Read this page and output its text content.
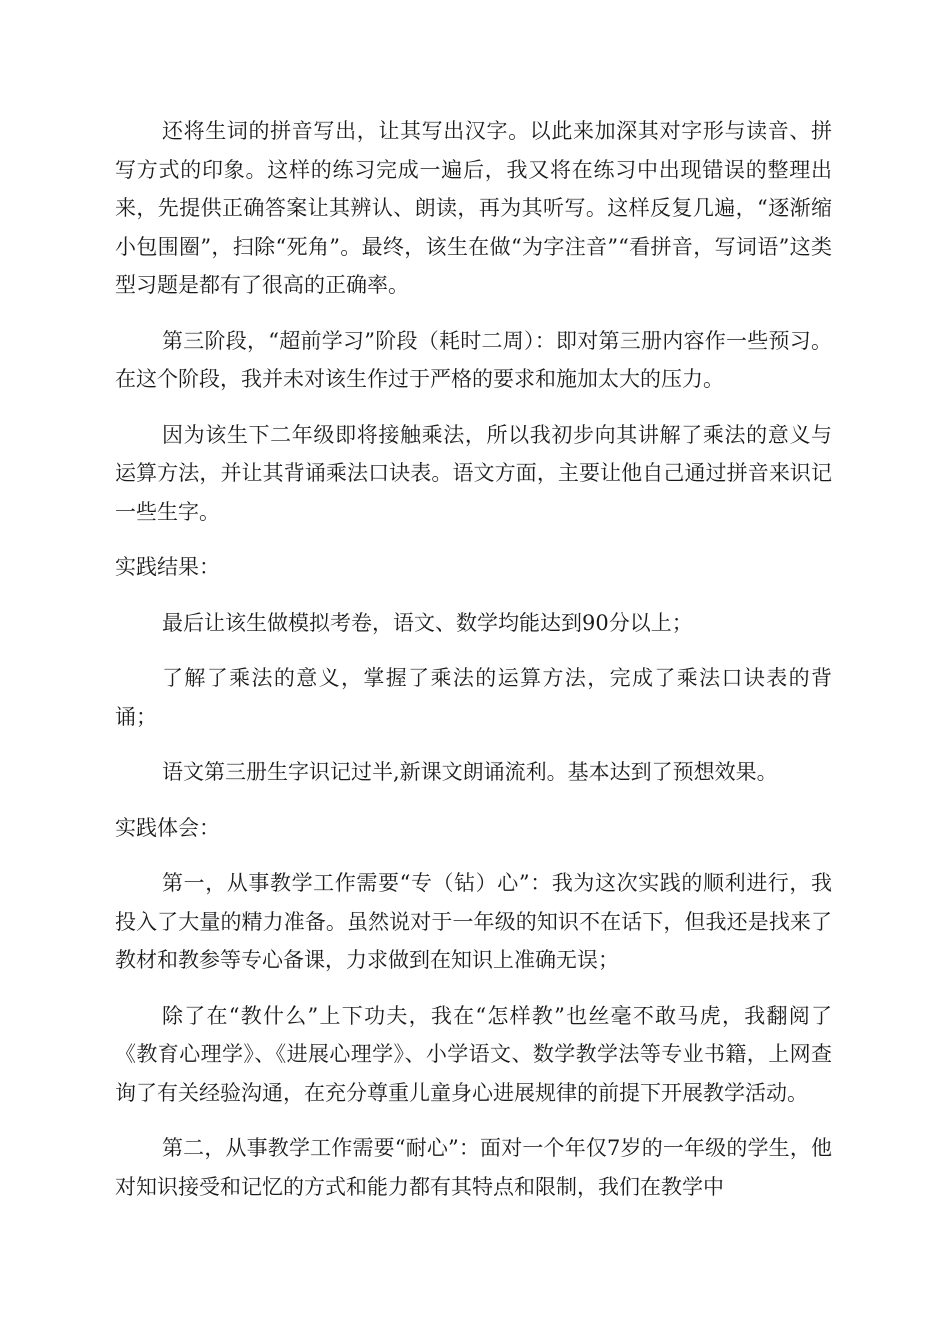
还将生词的拼音写出，让其写出汉字。以此来加深其对字形与读音、拼写方式的印象。这样的练习完成一遍后，我又将在练习中出现错误的整理出来，先提供正确答案让其辨认、朗读，再为其听写。这样反复几遍，“逐渐缩小包围圈”，扫除“死角”。最终，该生在做“为字注音”“看拼音，写词语”这类型习题是都有了很高的正确率。

第三阶段，“超前学习”阶段（耗时二周）：即对第三册内容作一些预习。在这个阶段，我并未对该生作过于严格的要求和施加太大的压力。

因为该生下二年级即将接触乘法，所以我初步向其讲解了乘法的意义与运算方法，并让其背诵乘法口诀表。语文方面，主要让他自己通过拼音来识记一些生字。

实践结果：

最后让该生做模拟考卷，语文、数学均能达到90分以上；

了解了乘法的意义，掌握了乘法的运算方法，完成了乘法口诀表的背诵；

语文第三册生字识记过半,新课文朗诵流利。基本达到了预想效果。

实践体会：

第一，从事教学工作需要“专（钻）心”：我为这次实践的顺利进行，我投入了大量的精力准备。虽然说对于一年级的知识不在话下，但我还是找来了教材和教参等专心备课，力求做到在知识上准确无误；

除了在“教什么”上下功夫，我在“怎样教”也丝毫不敢马虎，我翻阅了《教育心理学》、《进展心理学》、小学语文、数学教学法等专业书籍，上网查询了有关经验沟通，在充分尊重儿童身心进展规律的前提下开展教学活动。

第二，从事教学工作需要“耐心”：面对一个年仅7岁的一年级的学生，他对知识接受和记忆的方式和能力都有其特点和限制，我们在教学中
